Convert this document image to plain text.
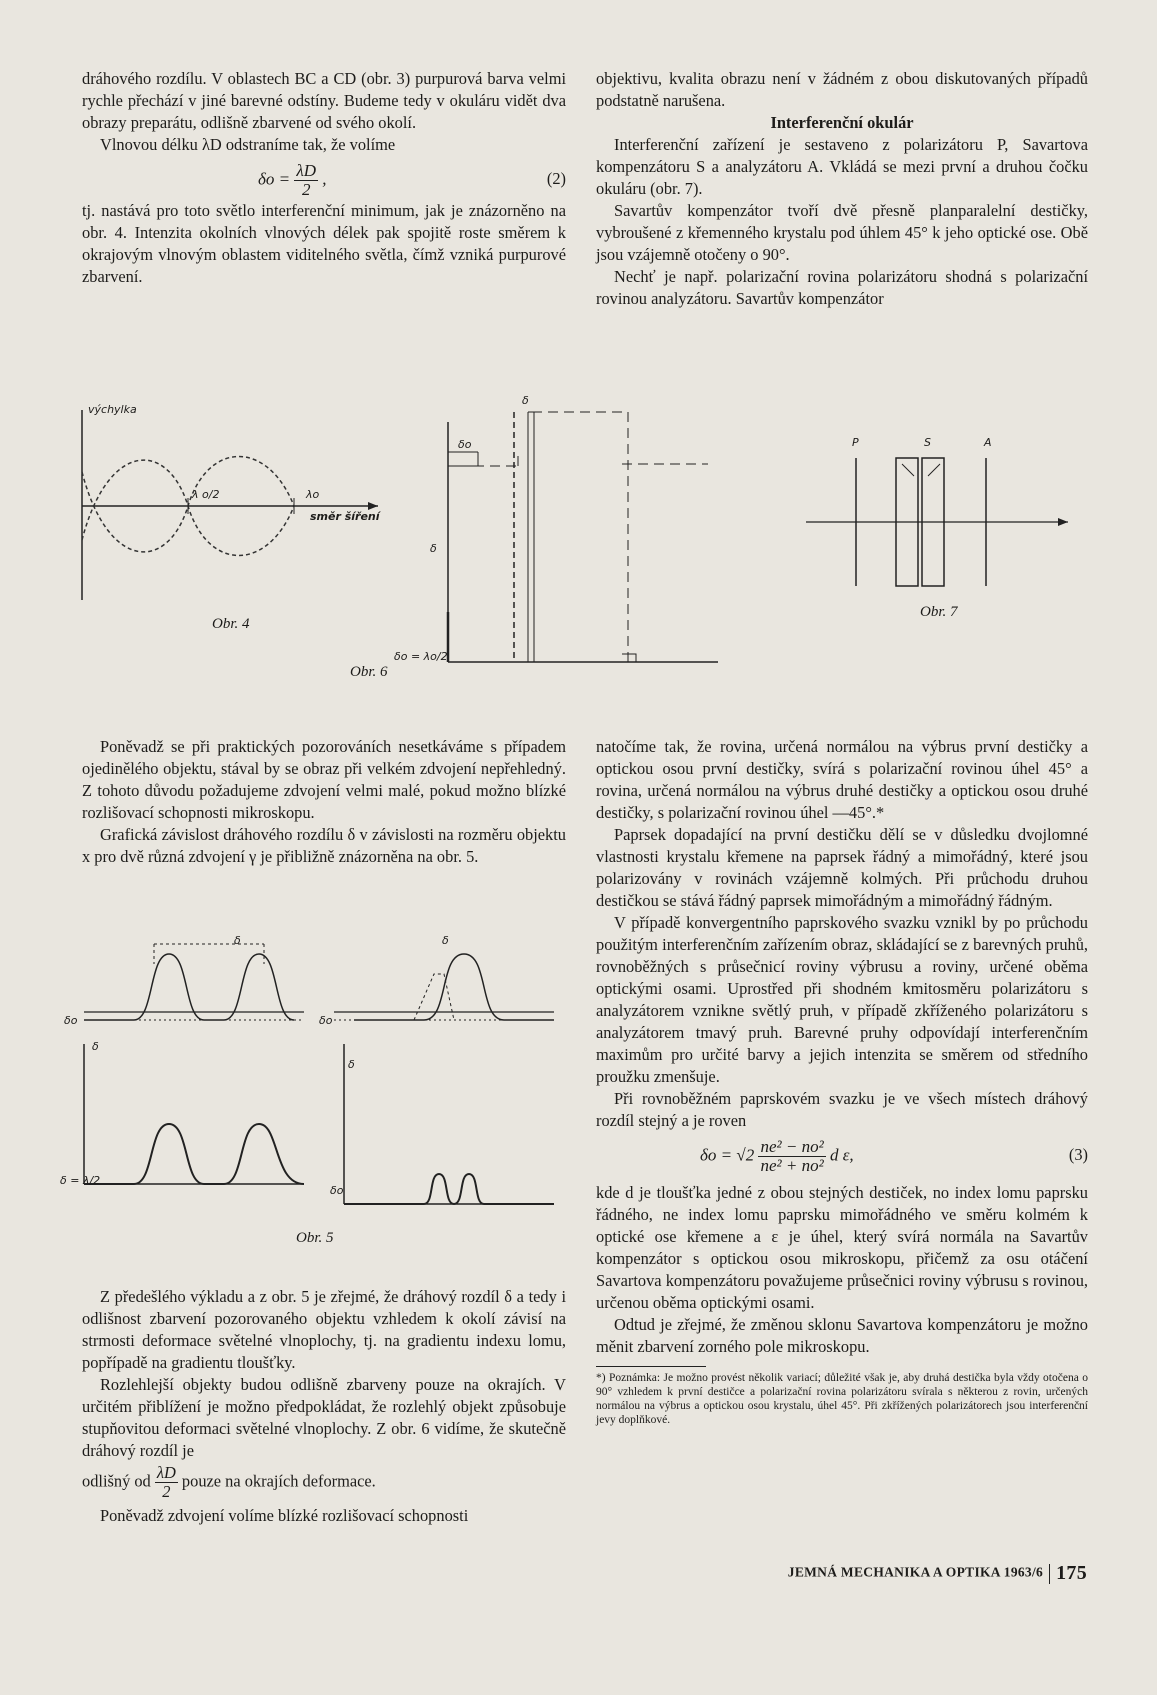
dráhového rozdílu. V oblastech BC a CD (obr. 3) purpurová barva velmi rychle přechází v jiné barevné odstíny. Budeme tedy v okuláru vidět dva obrazy preparátu, odlišně zbarvené od svého okolí.

Vlnovou délku λD odstraníme tak, že volíme

$\delta o = \frac{\lambda D}{2}$ ,	(2)

tj. nastává pro toto světlo interferenční minimum, jak je znázorněno na obr. 4. Intenzita okolních vlnových délek pak spojitě roste směrem k okrajovým vlnovým oblastem viditelného světla, čímž vzniká purpurové zbarvení.

výchylka
λ o/2	λo
směr šíření
Obr. 4
δ
δo
δ
δo = λo/2
Obr. 6

Poněvadž se při praktických pozorováních nesetkáváme s případem ojedinělého objektu, stával by se obraz při velkém zdvojení nepřehledný. Z tohoto důvodu požadujeme zdvojení velmi malé, pokud možno blízké rozlišovací schopnosti mikroskopu.

Grafická závislost dráhového rozdílu δ v závislosti na rozměru objektu x pro dvě různá zdvojení γ je přibližně znázorněna na obr. 5.

δ	δ
δ
δ
δo	δo
δ = λ/2
δo
Obr. 5

Z předešlého výkladu a z obr. 5 je zřejmé, že dráhový rozdíl δ a tedy i odlišnost zbarvení pozorovaného objektu vzhledem k okolí závisí na strmosti deformace světelné vlnoplochy, tj. na gradientu indexu lomu, popřípadě na gradientu tloušťky.

Rozlehlejší objekty budou odlišně zbarveny pouze na okrajích. V určitém přiblížení je možno předpokládat, že rozlehlý objekt způsobuje stupňovitou deformaci světelné vlnoplochy. Z obr. 6 vidíme, že skutečně dráhový rozdíl je

odlišný od $\frac{\lambda D}{2}$ pouze na okrajích deformace.

Poněvadž zdvojení volíme blízké rozlišovací schopnosti

objektivu, kvalita obrazu není v žádném z obou diskutovaných případů podstatně narušena.

Interferenční okulár

Interferenční zařízení je sestaveno z polarizátoru P, Savartova kompenzátoru S a analyzátoru A. Vkládá se mezi první a druhou čočku okuláru (obr. 7).

Savartův kompenzátor tvoří dvě přesně planparalelní destičky, vybroušené z křemenného krystalu pod úhlem 45° k jeho optické ose. Obě jsou vzájemně otočeny o 90°.

Nechť je např. polarizační rovina polarizátoru shodná s polarizační rovinou analyzátoru. Savartův kompenzátor

P	S	A
Obr. 7

natočíme tak, že rovina, určená normálou na výbrus první destičky a optickou osou první destičky, svírá s polarizační rovinou úhel 45° a rovina, určená normálou na výbrus druhé destičky a optickou osou druhé destičky, s polarizační rovinou úhel —45°.*

Paprsek dopadající na první destičku dělí se v důsledku dvojlomné vlastnosti krystalu křemene na paprsek řádný a mimořádný, které jsou polarizovány v rovinách vzájemně kolmých. Při průchodu druhou destičkou se stává řádný paprsek mimořádným a mimořádný řádným.

V případě konvergentního paprskového svazku vznikl by po průchodu použitým interferenčním zařízením obraz, skládající se z barevných pruhů, rovnoběžných s průsečnicí roviny výbrusu a roviny, určené oběma optickými osami. Uprostřed při shodném kmitosměru polarizátoru s analyzátorem vznikne světlý pruh, v případě zkříženého polarizátoru s analyzátorem tmavý pruh. Barevné pruhy odpovídají interferenčním maximům pro určité barvy a jejich intenzita se směrem od středního proužku zmenšuje.

Při rovnoběžném paprskovém svazku je ve všech místech dráhový rozdíl stejný a je roven

$\delta o = √2 \frac{\text{ne² − no²}}{\text{ne² + no²}}$ d ε,	(3)

kde d je tloušťka jedné z obou stejných destiček, no index lomu paprsku řádného, ne index lomu paprsku mimořádného ve směru kolmém k optické ose křemene a ε je úhel, který svírá normála na Savartův kompenzátor s optickou osou mikroskopu, přičemž za osu otáčení Savartova kompenzátoru považujeme průsečnici roviny výbrusu s rovinou, určenou oběma optickými osami.

Odtud je zřejmé, že změnou sklonu Savartova kompenzátoru je možno měnit zbarvení zorného pole mikroskopu.

*) Poznámka: Je možno provést několik variací; důležité však je, aby druhá destička byla vždy otočena o 90° vzhledem k první destičce a polarizační rovina polarizátoru svírala s některou z rovin, určených normálou na výbrus a optickou osou krystalu, úhel 45°. Při zkřížených polarizátorech jsou interferenční jevy doplňkové.

JEMNÁ MECHANIKA A OPTIKA 1963/6 175
